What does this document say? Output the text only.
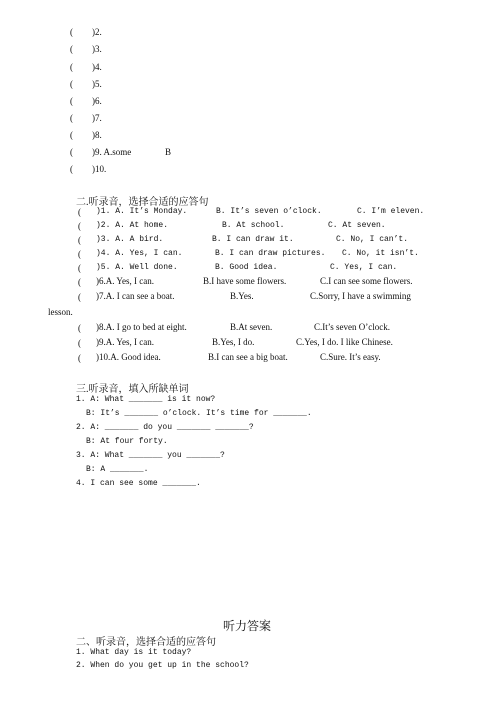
( )2.
( )3.
( )4.
( )5.
( )6.
( )7.
( )8.
( )9. A.some	B
( )10.
二.听录音，选择合适的应答句
( )1. A. It’s Monday.	B. It’s seven o’clock.	C. I’m eleven.
( )2. A. At home.	B. At school.	C. At seven.
( )3. A. A bird.	B. I can draw it.	C. No, I can’t.
( )4. A. Yes, I can.	B. I can draw pictures. C. No, it isn’t.
( )5. A. Well done.	B. Good idea.	C. Yes, I can.
( )6.A. Yes, I can.	B.I have some flowers.	C.I can see some flowers.
( )7.A. I can see a boat.	B.Yes.	C.Sorry, I have a swimming
lesson.
( )8.A. I go to bed at eight.	B.At seven.	C.It’s seven O’clock.
( )9.A. Yes, I can.	B.Yes, I do.	C.Yes, I do. I like Chinese.
( )10.A. Good idea.	B.I can see a big boat.	C.Sure. It’s easy.
三.听录音，填入所缺单词
1. A: What _______ is it now?
B: It’s _______ o’clock. It’s time for _______.
2. A: _______ do you _______ _______?
B: At four forty.
3. A: What _______ you _______?
B: A _______.
4. I can see some _______.
听力答案
二、听录音，选择合适的应答句
1. What day is it today?
2. When do you get up in the school?
